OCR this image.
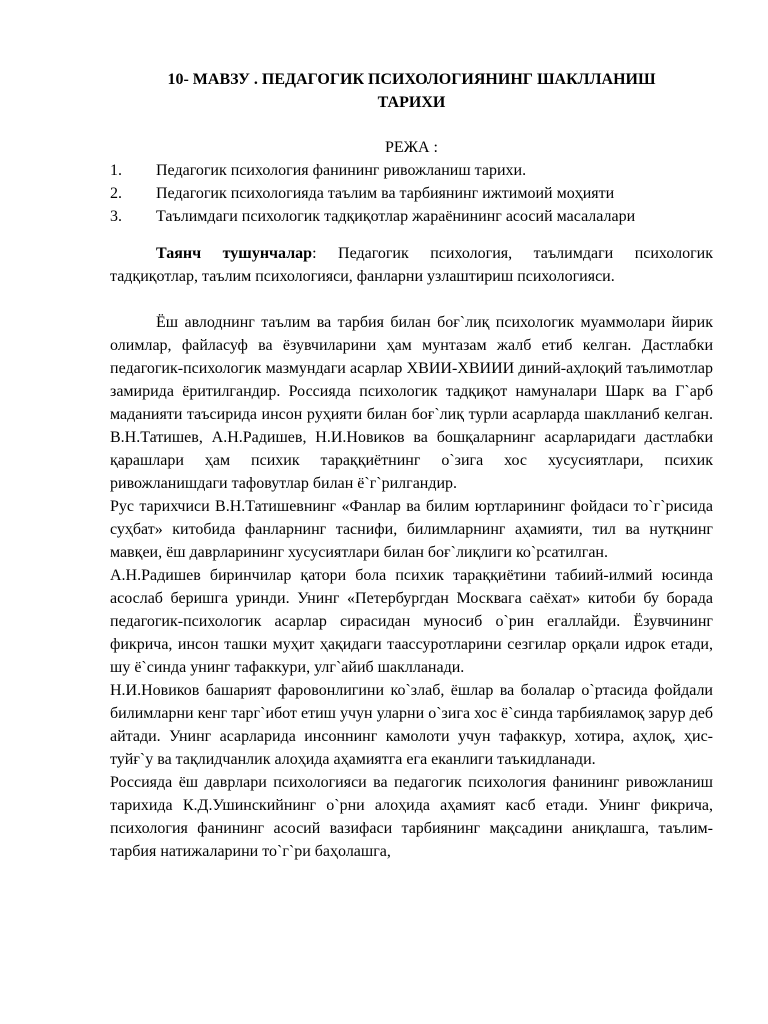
10- МАВЗУ . ПЕДАГОГИК ПСИХОЛОГИЯНИНГ ШАКЛЛАНИШ
ТАРИХИ

РЕЖА :

1.	Педагогик психология фанининг ривожланиш тарихи.
2.	Педагогик психологияда таълим ва тарбиянинг ижтимоий моҳияти
3.	Таълимдаги психологик тадқиқотлар жараёнининг асосий масалалари

Таянч тушунчалар: Педагогик психология, таълимдаги психологик тадқиқотлар, таълим психологияси, фанларни узлаштириш психологияси.

Ёш авлоднинг таълим ва тарбия билан боғ`лиқ психологик муаммолари йирик олимлар, файласуф ва ёзувчиларини ҳам мунтазам жалб етиб келган. Дастлабки педагогик-психологик мазмундаги асарлар ХВИИ-ХВИИИ диний-аҳлоқий таълимотлар замирида ёритилгандир. Россияда психологик тадқиқот намуналари Шарк ва Г`арб маданияти таъсирида инсон руҳияти билан боғ`лиқ турли асарларда шаклланиб келган. В.Н.Татишев, А.Н.Радишев, Н.И.Новиков ва бошқаларнинг асарларидаги дастлабки қарашлари ҳам психик тараққиётнинг о`зига хос хусусиятлари, психик ривожланишдаги тафовутлар билан ё`г`рилгандир.

Рус тарихчиси В.Н.Татишевнинг «Фанлар ва билим юртларининг фойдаси то`г`рисида суҳбат» китобида фанларнинг таснифи, билимларнинг аҳамияти, тил ва нутқнинг мавқеи, ёш даврларининг хусусиятлари билан боғ`лиқлиги ко`рсатилган.

А.Н.Радишев биринчилар қатори бола психик тараққиётини табиий-илмий юсинда асослаб беришга уринди. Унинг «Петербургдан Москвага саёхат» китоби бу борада педагогик-психологик асарлар сирасидан муносиб о`рин егаллайди. Ёзувчининг фикрича, инсон ташки муҳит ҳақидаги таассуротларини сезгилар орқали идрок етади, шу ё`синда унинг тафаккури, улг`айиб шаклланади.

Н.И.Новиков башарият фаровонлигини ко`злаб, ёшлар ва болалар о`ртасида фойдали билимларни кенг тарг`ибот етиш учун уларни о`зига хос ё`синда тарбияламоқ зарур деб айтади. Унинг асарларида инсоннинг камолоти учун тафаккур, хотира, аҳлоқ, ҳис-туйғ`у ва тақлидчанлик алоҳида аҳамиятга ега еканлиги таъкидланади.

Россияда ёш даврлари психологияси ва педагогик психология фанининг ривожланиш тарихида К.Д.Ушинскийнинг о`рни алоҳида аҳамият касб етади. Унинг фикрича, психология фанининг асосий вазифаси тарбиянинг мақсадини аниқлашга, таълим-тарбия натижаларини то`г`ри баҳолашга,
